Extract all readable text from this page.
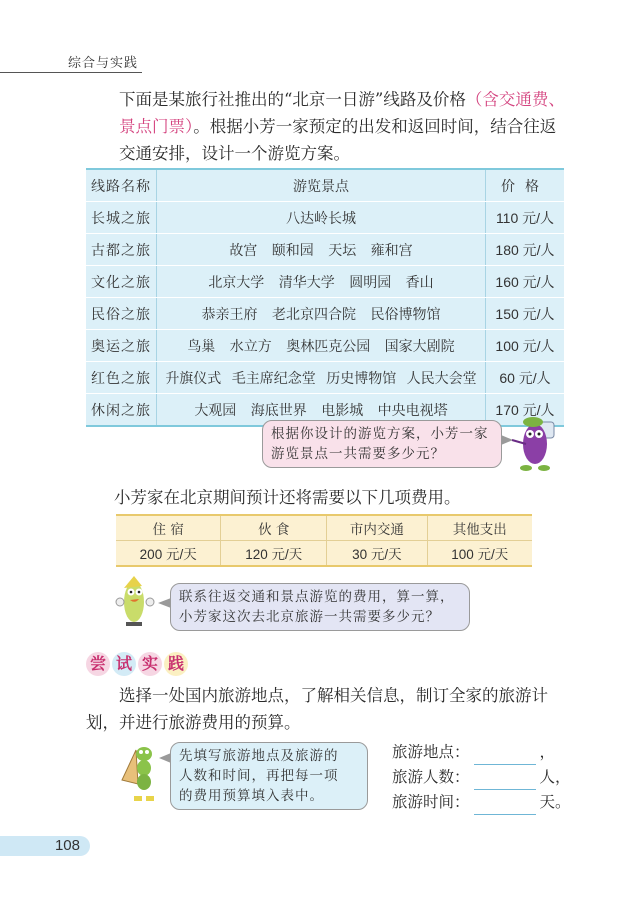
综合与实践
下面是某旅行社推出的“北京一日游”线路及价格（含交通费、景点门票）。根据小芳一家预定的出发和返回时间，结合往返交通安排，设计一个游览方案。
线路名称	游览景点	价格
长城之旅	八达岭长城	110 元/人
古都之旅	故宫 颐和园 天坛 雍和宫	180 元/人
文化之旅	北京大学 清华大学 圆明园 香山	160 元/人
民俗之旅	恭亲王府 老北京四合院 民俗博物馆	150 元/人
奥运之旅	鸟巢 水立方 奥林匹克公园 国家大剧院	100 元/人
红色之旅	升旗仪式 毛主席纪念堂 历史博物馆 人民大会堂	60 元/人
休闲之旅	大观园 海底世界 电影城 中央电视塔	170 元/人
根据你设计的游览方案，小芳一家
游览景点一共需要多少元？
小芳家在北京期间预计还将需要以下几项费用。
住 宿	伙 食	市内交通	其他支出
200 元/天	120 元/天	30 元/天	100 元/天
联系往返交通和景点游览的费用，算一算，
小芳家这次去北京旅游一共需要多少元？
尝 试 实 践
选择一处国内旅游地点，了解相关信息，制订全家的旅游计划，并进行旅游费用的预算。
先填写旅游地点及旅游的
人数和时间，再把每一项
的费用预算填入表中。
旅游地点：	，
旅游人数：	人，
旅游时间：	天。
108
